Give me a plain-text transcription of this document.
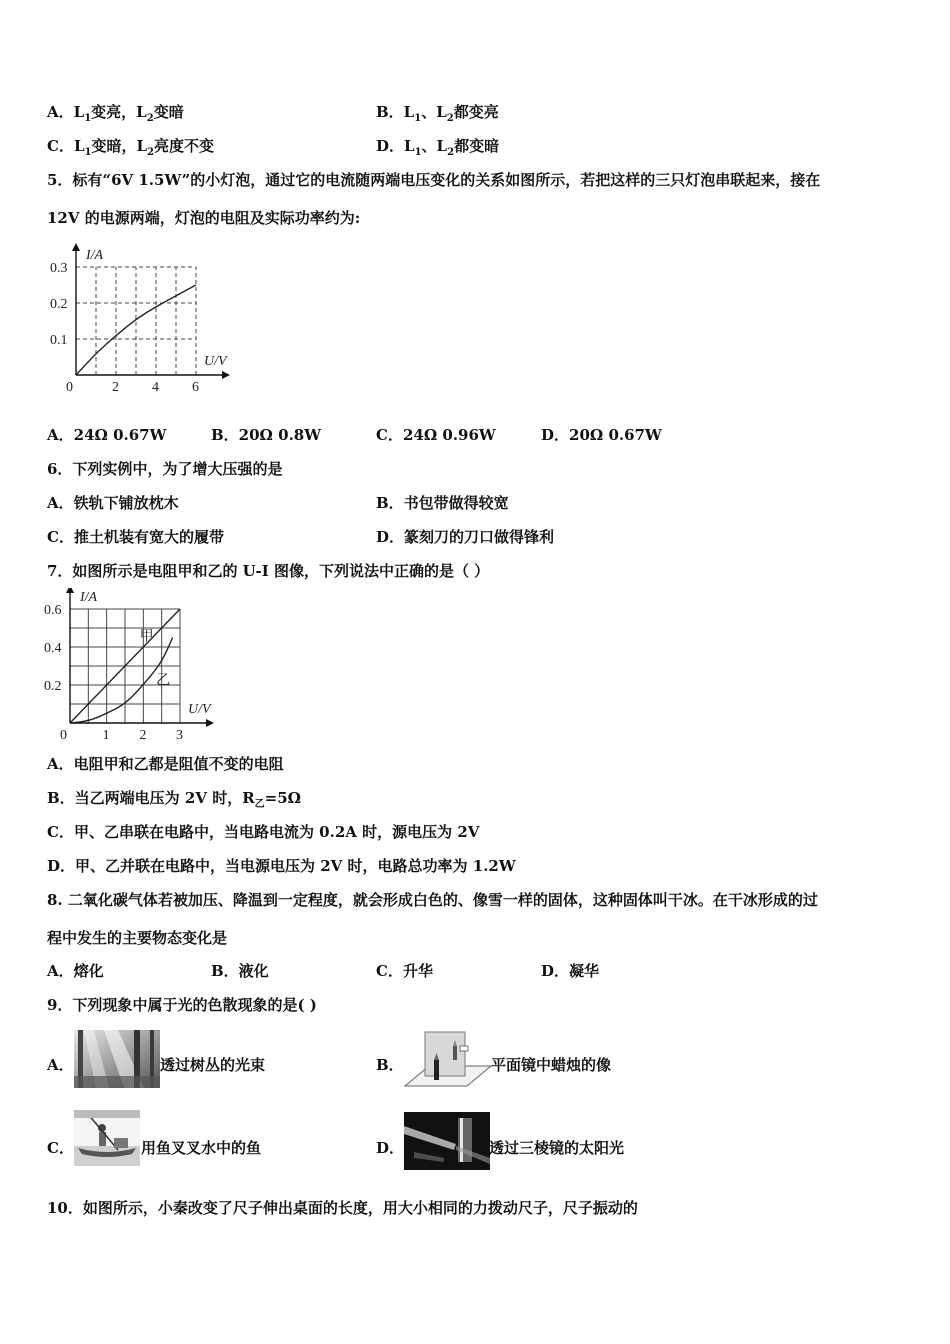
A．$L_1$变亮，$L_2$变暗	B．$L_1$、$L_2$都变亮
C．$L_1$变暗，$L_2$亮度不变	D．$L_1$、$L_2$都变暗
5．标有“6V 1.5W”的小灯泡，通过它的电流随两端电压变化的关系如图所示，若把这样的三只灯泡串联起来，接在
12V 的电源两端，灯泡的电阻及实际功率约为:
0	2 4 6
0.1
0.2
0.3
I/A
U/V
A．24Ω 0.67W	B．20Ω 0.8W	C．24Ω 0.96W	D．20Ω 0.67W
6．下列实例中，为了增大压强的是
A．铁轨下铺放枕木	B．书包带做得较宽
C．推土机装有宽大的履带	D．篆刻刀的刀口做得锋利
7．如图所示是电阻甲和乙的 U-I 图像，下列说法中正确的是（ ）
0	1 2 3
0.2
0.4
0.6
I/A
U/V
甲
乙
A．电阻甲和乙都是阻值不变的电阻
B．当乙两端电压为 2V 时，$R_乙=5\Omega$
C．甲、乙串联在电路中，当电路电流为 0.2A 时，源电压为 2V
D．甲、乙并联在电路中，当电源电压为 2V 时，电路总功率为 1.2W
8. 二氧化碳气体若被加压、降温到一定程度，就会形成白色的、像雪一样的固体，这种固体叫干冰。在干冰形成的过
程中发生的主要物态变化是
A．熔化	B．液化	C．升华	D．凝华
9．下列现象中属于光的色散现象的是( )
A．	透过树丛的光束	B．	平面镜中蜡烛的像
C．	用鱼叉叉水中的鱼	D．	透过三棱镜的太阳光
10．如图所示，小秦改变了尺子伸出桌面的长度，用大小相同的力拨动尺子，尺子振动的
